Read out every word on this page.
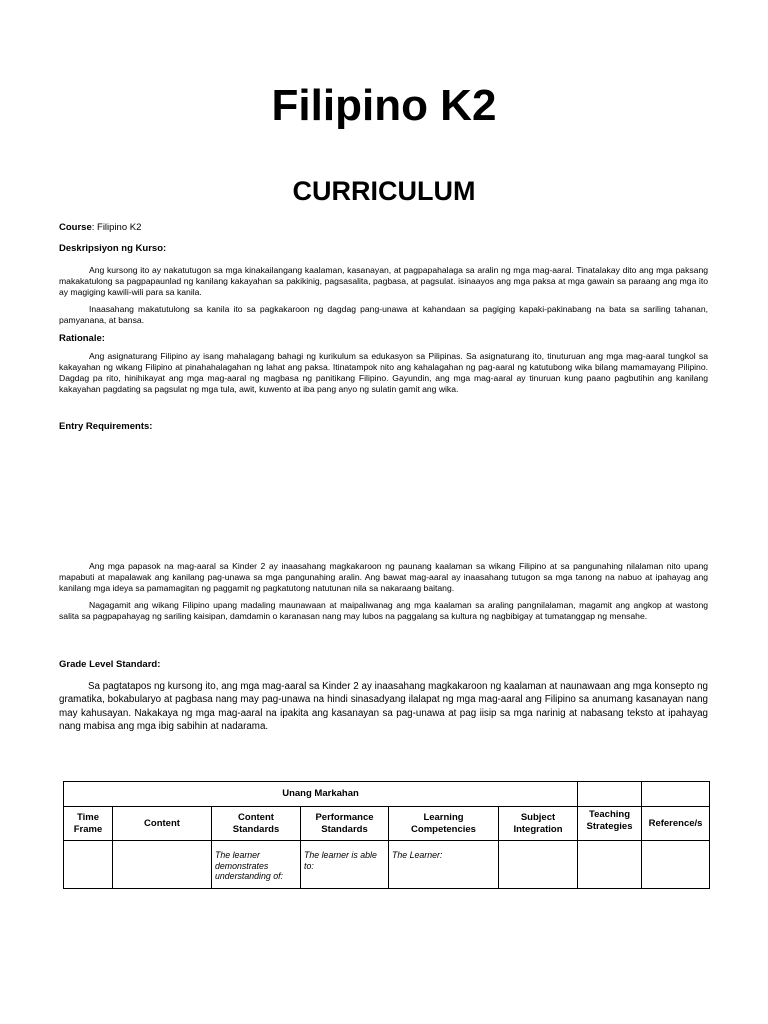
Filipino K2
CURRICULUM
Course: Filipino K2
Deskripsiyon ng Kurso:
Ang kursong ito ay nakatutugon sa mga kinakailangang kaalaman, kasanayan, at pagpapahalaga sa aralin ng mga mag-aaral. Tinatalakay dito ang mga paksang makakatulong sa pagpapaunlad ng kanilang kakayahan sa pakikinig, pagsasalita, pagbasa, at pagsulat. isinaayos ang mga paksa at mga gawain sa paraang ang mga ito ay magiging kawili-wili para sa kanila.
Inaasahang makatutulong sa kanila ito sa pagkakaroon ng dagdag pang-unawa at kahandaan sa pagiging kapaki-pakinabang na bata sa sariling tahanan, pamyanana, at bansa.
Rationale:
Ang asignaturang Filipino ay isang mahalagang bahagi ng kurikulum sa edukasyon sa Pilipinas. Sa asignaturang ito, tinuturuan ang mga mag-aaral tungkol sa kakayahan ng wikang Filipino at pinahahalagahan ng lahat ang paksa. Itinatampok nito ang kahalagahan ng pag-aaral ng katutubong wika bilang mamamayang Pilipino. Dagdag pa rito, hinihikayat ang mga mag-aaral ng magbasa ng panitikang Filipino. Gayundin, ang mga mag-aaral ay tinuruan kung paano pagbutihin ang kanilang kakayahan pagdating sa pagsulat ng mga tula, awit, kuwento at iba pang anyo ng sulatin gamit ang wika.
Entry Requirements:
Ang mga papasok na mag-aaral sa Kinder 2 ay inaasahang magkakaroon ng paunang kaalaman sa wikang Filipino at sa pangunahing nilalaman nito upang mapabuti at mapalawak ang kanilang pag-unawa sa mga pangunahing aralin. Ang bawat mag-aaral ay inaasahang tutugon sa mga tanong na nabuo at ipahayag ang kanilang mga ideya sa pamamagitan ng paggamit ng pagkatutong natutunan nila sa nakaraang baitang.
Nagagamit ang wikang Filipino upang madaling maunawaan at maipaliwanag ang mga kaalaman sa araling pangnilalaman, magamit ang angkop at wastong salita sa pagpapahayag ng sariling kaisipan, damdamin o karanasan nang may lubos na paggalang sa kultura ng nagbibigay at tumatanggap ng mensahe.
Grade Level Standard:
Sa pagtatapos ng kursong ito, ang mga mag-aaral sa Kinder 2 ay inaasahang magkakaroon ng kaalaman at naunawaan ang mga konsepto ng gramatika, bokabularyo at pagbasa nang may pag-unawa na hindi sinasadyang ilalapat ng mga mag-aaral ang Filipino sa anumang kasanayan nang may kahusayan. Nakakaya ng mga mag-aaral na ipakita ang kasanayan sa pag-unawa at pag iisip sa mga narinig at nabasang teksto at ipahayag nang mabisa ang mga ibig sabihin at nadarama.
Unang Markahan							
Time Frame	Content	Content Standards	Performance Standards	Learning Competencies	Subject Integration	Teaching Strategies	Reference/s
		The learner demonstrates understanding of:	The learner is able to:	The Learner:			
